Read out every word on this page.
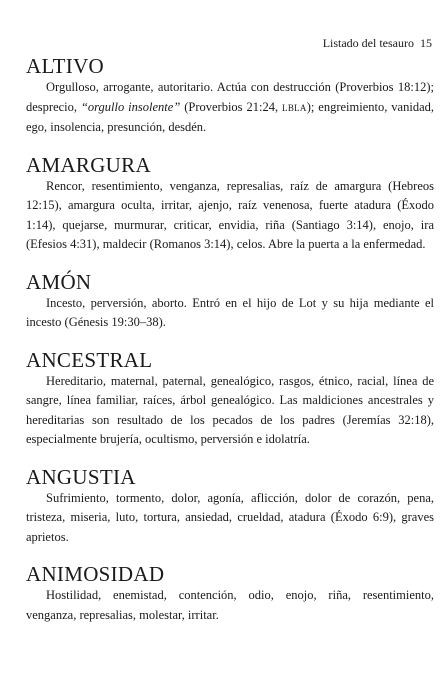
Listado del tesauro 15
ALTIVO

Orgulloso, arrogante, autoritario. Actúa con destrucción (Proverbios 18:12); desprecio, “orgullo insolente” (Proverbios 21:24, LBLA); engreimiento, vanidad, ego, insolencia, presunción, desdén.

AMARGURA

Rencor, resentimiento, venganza, represalias, raíz de amargura (Hebreos 12:15), amargura oculta, irritar, ajenjo, raíz venenosa, fuerte atadura (Éxodo 1:14), quejarse, murmurar, criticar, envidia, riña (Santiago 3:14), enojo, ira (Efesios 4:31), maldecir (Romanos 3:14), celos. Abre la puerta a la enfermedad.

AMÓN

Incesto, perversión, aborto. Entró en el hijo de Lot y su hija mediante el incesto (Génesis 19:30–38).

ANCESTRAL

Hereditario, maternal, paternal, genealógico, rasgos, étnico, racial, línea de sangre, línea familiar, raíces, árbol genealógico. Las maldiciones ancestrales y hereditarias son resultado de los pecados de los padres (Jeremías 32:18), especialmente brujería, ocultismo, perversión e idolatría.

ANGUSTIA

Sufrimiento, tormento, dolor, agonía, aflicción, dolor de corazón, pena, tristeza, miseria, luto, tortura, ansiedad, crueldad, atadura (Éxodo 6:9), graves aprietos.

ANIMOSIDAD

Hostilidad, enemistad, contención, odio, enojo, riña, resentimiento, venganza, represalias, molestar, irritar.
